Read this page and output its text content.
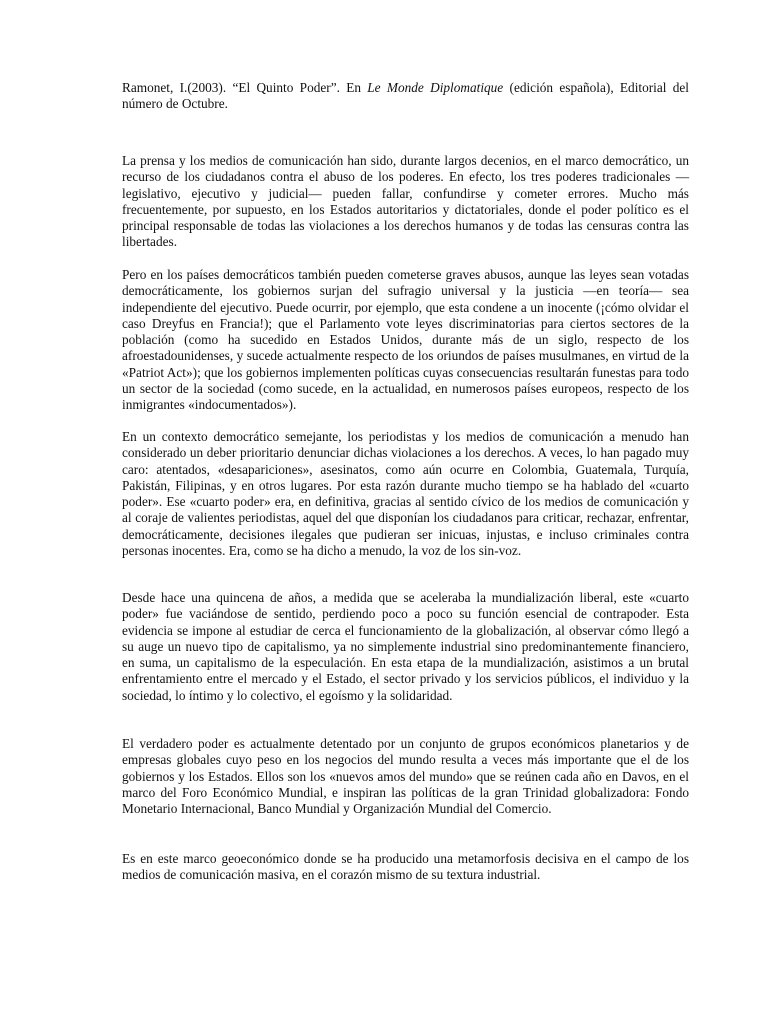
Ramonet, I.(2003). “El Quinto Poder”. En Le Monde Diplomatique (edición española), Editorial del número de Octubre.

La prensa y los medios de comunicación han sido, durante largos decenios, en el marco democrático, un recurso de los ciudadanos contra el abuso de los poderes. En efecto, los tres poderes tradicionales —legislativo, ejecutivo y judicial— pueden fallar, confundirse y cometer errores. Mucho más frecuentemente, por supuesto, en los Estados autoritarios y dictatoriales, donde el poder político es el principal responsable de todas las violaciones a los derechos humanos y de todas las censuras contra las libertades.

Pero en los países democráticos también pueden cometerse graves abusos, aunque las leyes sean votadas democráticamente, los gobiernos surjan del sufragio universal y la justicia —en teoría— sea independiente del ejecutivo. Puede ocurrir, por ejemplo, que esta condene a un inocente (¡cómo olvidar el caso Dreyfus en Francia!); que el Parlamento vote leyes discriminatorias para ciertos sectores de la población (como ha sucedido en Estados Unidos, durante más de un siglo, respecto de los afroestadounidenses, y sucede actualmente respecto de los oriundos de países musulmanes, en virtud de la «Patriot Act»); que los gobiernos implementen políticas cuyas consecuencias resultarán funestas para todo un sector de la sociedad (como sucede, en la actualidad, en numerosos países europeos, respecto de los inmigrantes «indocumentados»).

En un contexto democrático semejante, los periodistas y los medios de comunicación a menudo han considerado un deber prioritario denunciar dichas violaciones a los derechos. A veces, lo han pagado muy caro: atentados, «desapariciones», asesinatos, como aún ocurre en Colombia, Guatemala, Turquía, Pakistán, Filipinas, y en otros lugares. Por esta razón durante mucho tiempo se ha hablado del «cuarto poder». Ese «cuarto poder» era, en definitiva, gracias al sentido cívico de los medios de comunicación y al coraje de valientes periodistas, aquel del que disponían los ciudadanos para criticar, rechazar, enfrentar, democráticamente, decisiones ilegales que pudieran ser inicuas, injustas, e incluso criminales contra personas inocentes. Era, como se ha dicho a menudo, la voz de los sin-voz.

Desde hace una quincena de años, a medida que se aceleraba la mundialización liberal, este «cuarto poder» fue vaciándose de sentido, perdiendo poco a poco su función esencial de contrapoder. Esta evidencia se impone al estudiar de cerca el funcionamiento de la globalización, al observar cómo llegó a su auge un nuevo tipo de capitalismo, ya no simplemente industrial sino predominantemente financiero, en suma, un capitalismo de la especulación. En esta etapa de la mundialización, asistimos a un brutal enfrentamiento entre el mercado y el Estado, el sector privado y los servicios públicos, el individuo y la sociedad, lo íntimo y lo colectivo, el egoísmo y la solidaridad.

El verdadero poder es actualmente detentado por un conjunto de grupos económicos planetarios y de empresas globales cuyo peso en los negocios del mundo resulta a veces más importante que el de los gobiernos y los Estados. Ellos son los «nuevos amos del mundo» que se reúnen cada año en Davos, en el marco del Foro Económico Mundial, e inspiran las políticas de la gran Trinidad globalizadora: Fondo Monetario Internacional, Banco Mundial y Organización Mundial del Comercio.

Es en este marco geoeconómico donde se ha producido una metamorfosis decisiva en el campo de los medios de comunicación masiva, en el corazón mismo de su textura industrial.
